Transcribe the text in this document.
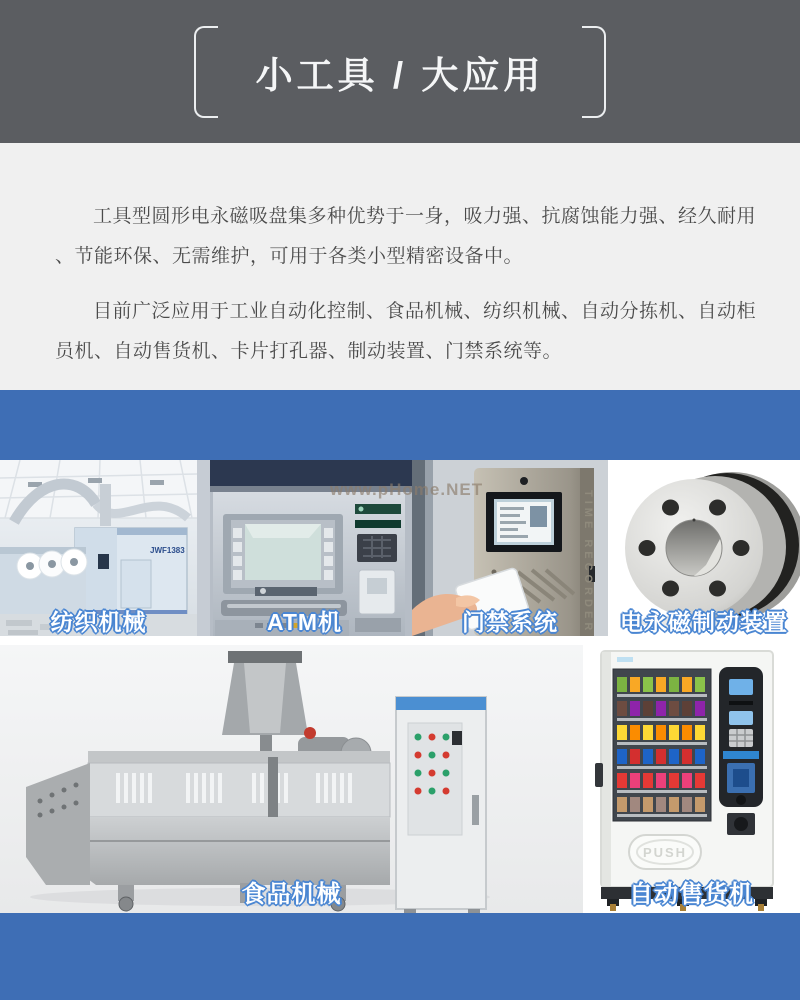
小工具 / 大应用

工具型圆形电永磁吸盘集多种优势于一身，吸力强、抗腐蚀能力强、经久耐用、节能环保、无需维护，可用于各类小型精密设备中。

目前广泛应用于工业自动化控制、食品机械、纺织机械、自动分拣机、自动柜员机、自动售货机、卡片打孔器、制动装置、门禁系统等。

www.pHome.NET
JWF1383
纺织机械	ATM机	TIME RECORDER
门禁系统	电永磁制动装置
食品机械
PUSH
自动售货机
